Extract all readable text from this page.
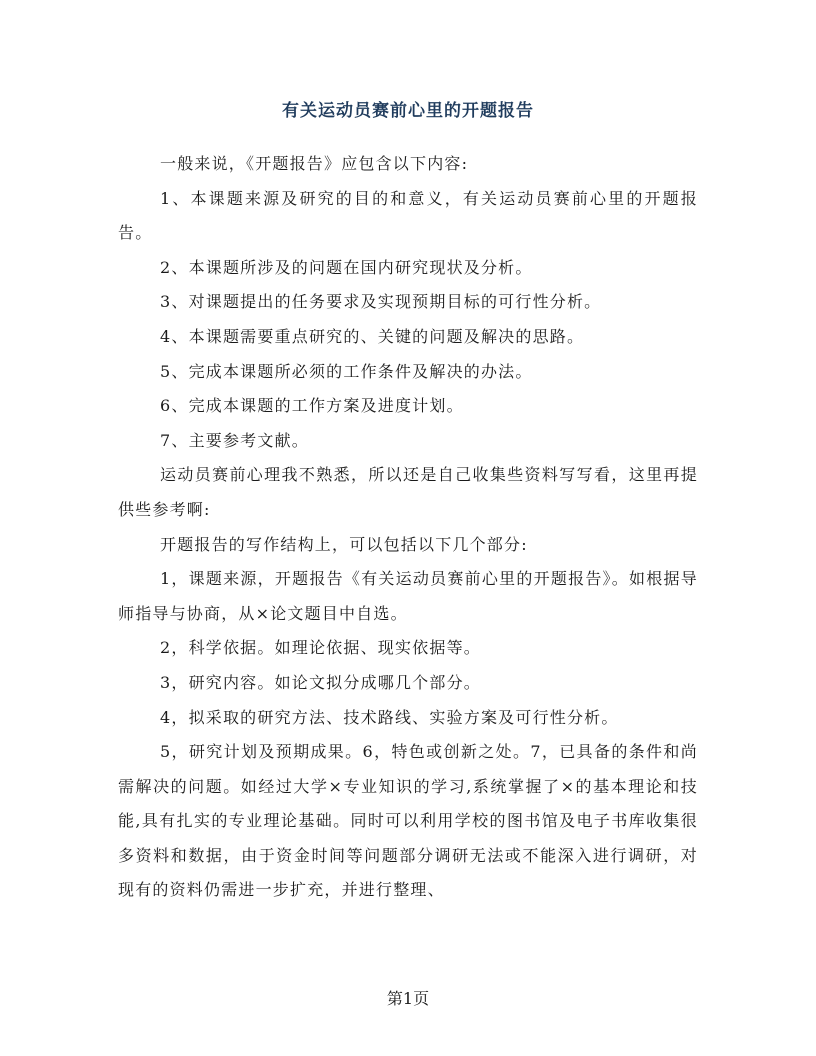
有关运动员赛前心里的开题报告

一般来说，《开题报告》应包含以下内容:

1、本课题来源及研究的目的和意义，有关运动员赛前心里的开题报告。

2、本课题所涉及的问题在国内研究现状及分析。

3、对课题提出的任务要求及实现预期目标的可行性分析。

4、本课题需要重点研究的、关键的问题及解决的思路。

5、完成本课题所必须的工作条件及解决的办法。

6、完成本课题的工作方案及进度计划。

7、主要参考文献。

运动员赛前心理我不熟悉，所以还是自己收集些资料写写看，这里再提供些参考啊:

开题报告的写作结构上，可以包括以下几个部分:

1，课题来源，开题报告《有关运动员赛前心里的开题报告》。如根据导师指导与协商，从×论文题目中自选。

2，科学依据。如理论依据、现实依据等。

3，研究内容。如论文拟分成哪几个部分。

4，拟采取的研究方法、技术路线、实验方案及可行性分析。

5，研究计划及预期成果。6，特色或创新之处。7，已具备的条件和尚需解决的问题。如经过大学×专业知识的学习,系统掌握了×的基本理论和技能,具有扎实的专业理论基础。同时可以利用学校的图书馆及电子书库收集很多资料和数据，由于资金时间等问题部分调研无法或不能深入进行调研，对现有的资料仍需进一步扩充，并进行整理、

第1页
